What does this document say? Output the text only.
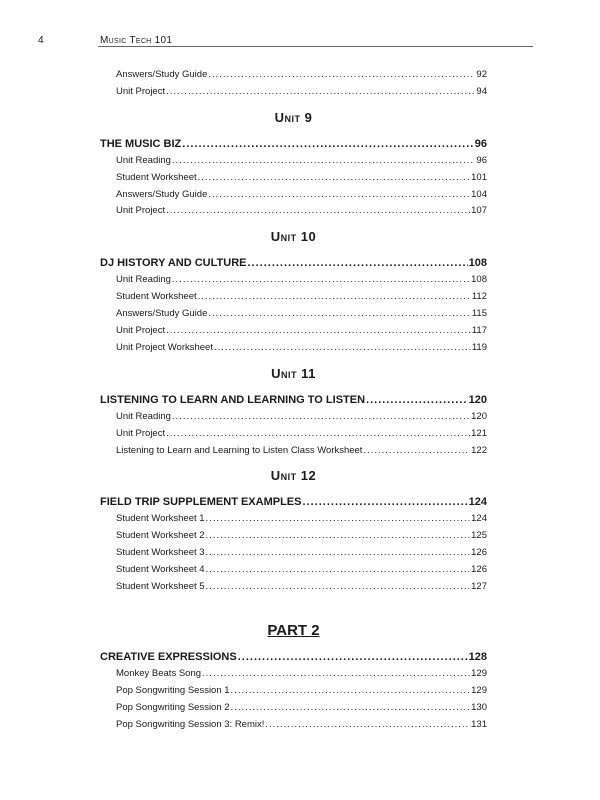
4	Music Tech 101
Answers/Study Guide .....	92
Unit Project .....	94
Unit 9
THE MUSIC BIZ .....	96
Unit Reading .....	96
Student Worksheet .....	101
Answers/Study Guide .....	104
Unit Project .....	107
Unit 10
DJ HISTORY AND CULTURE .....	108
Unit Reading .....	108
Student Worksheet .....	112
Answers/Study Guide .....	115
Unit Project .....	117
Unit Project Worksheet .....	119
Unit 11
LISTENING TO LEARN AND LEARNING TO LISTEN .....	120
Unit Reading .....	120
Unit Project .....	121
Listening to Learn and Learning to Listen Class Worksheet .....	122
Unit 12
FIELD TRIP SUPPLEMENT EXAMPLES .....	124
Student Worksheet 1 .....	124
Student Worksheet 2 .....	125
Student Worksheet 3 .....	126
Student Worksheet 4 .....	126
Student Worksheet 5 .....	127
PART 2
CREATIVE EXPRESSIONS .....	128
Monkey Beats Song .....	129
Pop Songwriting Session 1 .....	129
Pop Songwriting Session 2 .....	130
Pop Songwriting Session 3: Remix! .....	131
